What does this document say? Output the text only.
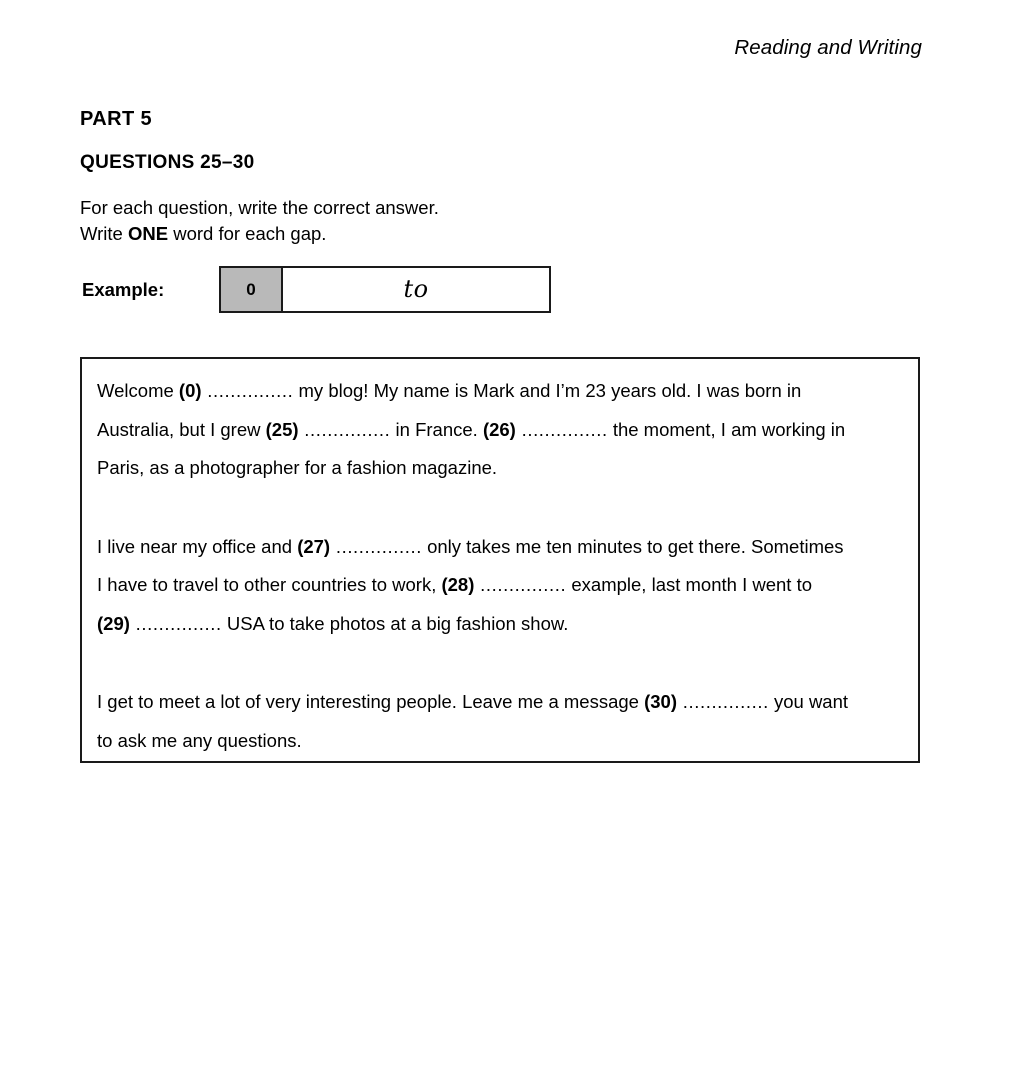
Reading and Writing
PART 5
QUESTIONS 25–30
For each question, write the correct answer.
Write ONE word for each gap.
Example:	0	to
Welcome (0) ............... my blog! My name is Mark and I’m 23 years old. I was born in
Australia, but I grew (25) ............... in France. (26) ............... the moment, I am working in
Paris, as a photographer for a fashion magazine.
I live near my office and (27) ............... only takes me ten minutes to get there. Sometimes
I have to travel to other countries to work, (28) ............... example, last month I went to
(29) ............... USA to take photos at a big fashion show.
I get to meet a lot of very interesting people. Leave me a message (30) ............... you want
to ask me any questions.
